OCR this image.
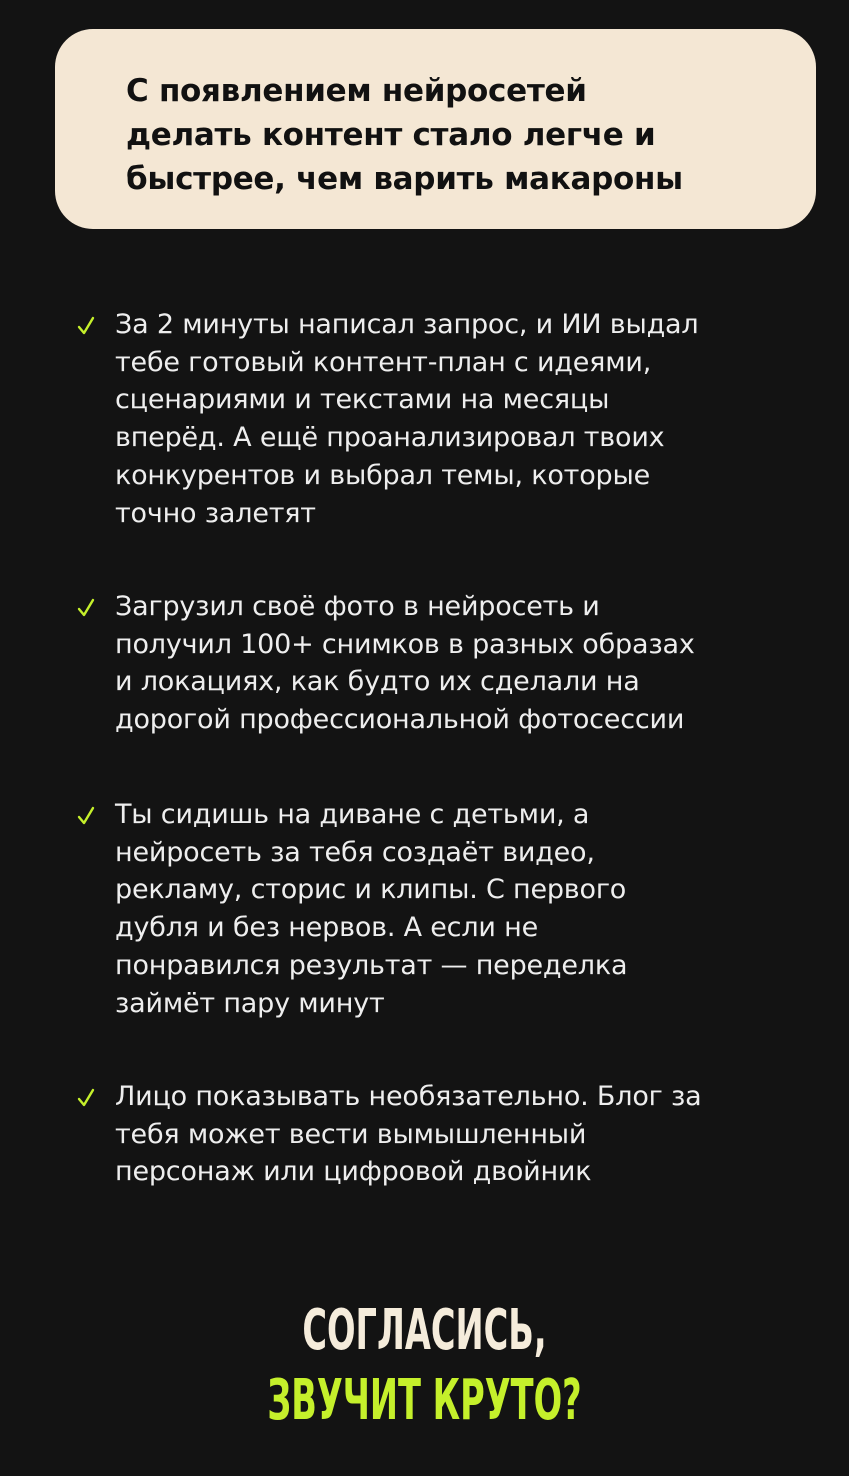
С появлением нейросетей
делать контент стало легче и
быстрее, чем варить макароны

За 2 минуты написал запрос, и ИИ выдал
тебе готовый контент-план с идеями,
сценариями и текстами на месяцы
вперёд. А ещё проанализировал твоих
конкурентов и выбрал темы, которые
точно залетят

Загрузил своё фото в нейросеть и
получил 100+ снимков в разных образах
и локациях, как будто их сделали на
дорогой профессиональной фотосессии

Ты сидишь на диване с детьми, а
нейросеть за тебя создаёт видео,
рекламу, сторис и клипы. С первого
дубля и без нервов. А если не
понравился результат — переделка
займёт пару минут

Лицо показывать необязательно. Блог за
тебя может вести вымышленный
персонаж или цифровой двойник

СОГЛАСИСЬ,
ЗВУЧИТ КРУТО?
